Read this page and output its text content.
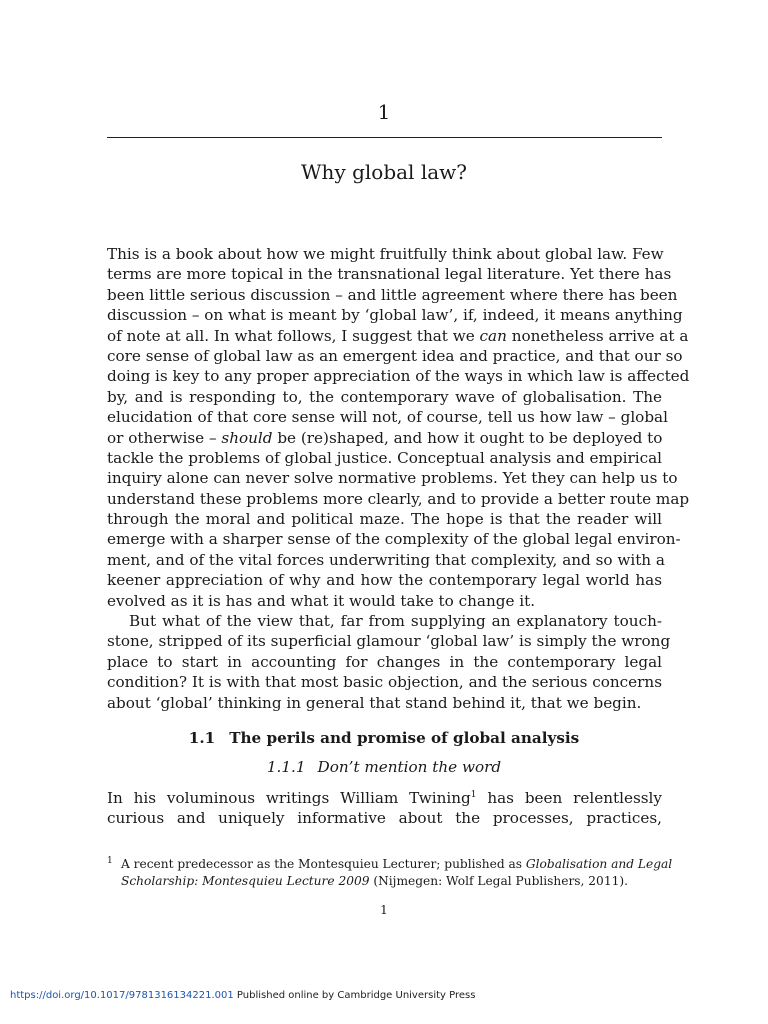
1
Why global law?
This is a book about how we might fruitfully think about global law. Few
terms are more topical in the transnational legal literature. Yet there has
been little serious discussion – and little agreement where there has been
discussion – on what is meant by ‘global law’, if, indeed, it means anything
of note at all. In what follows, I suggest that we can nonetheless arrive at a
core sense of global law as an emergent idea and practice, and that our so
doing is key to any proper appreciation of the ways in which law is affected
by, and is responding to, the contemporary wave of globalisation. The
elucidation of that core sense will not, of course, tell us how law – global
or otherwise – should be (re)shaped, and how it ought to be deployed to
tackle the problems of global justice. Conceptual analysis and empirical
inquiry alone can never solve normative problems. Yet they can help us to
understand these problems more clearly, and to provide a better route map
through the moral and political maze. The hope is that the reader will
emerge with a sharper sense of the complexity of the global legal environ-
ment, and of the vital forces underwriting that complexity, and so with a
keener appreciation of why and how the contemporary legal world has
evolved as it is has and what it would take to change it.
But what of the view that, far from supplying an explanatory touch-
stone, stripped of its superficial glamour ‘global law’ is simply the wrong
place to start in accounting for changes in the contemporary legal
condition? It is with that most basic objection, and the serious concerns
about ‘global’ thinking in general that stand behind it, that we begin.
1.1 The perils and promise of global analysis
1.1.1 Don’t mention the word
In his voluminous writings William Twining$^1$ has been relentlessly
curious and uniquely informative about the processes, practices,
1 A recent predecessor as the Montesquieu Lecturer; published as Globalisation and Legal
Scholarship: Montesquieu Lecture 2009 (Nijmegen: Wolf Legal Publishers, 2011).
1
https://doi.org/10.1017/9781316134221.001 Published online by Cambridge University Press
